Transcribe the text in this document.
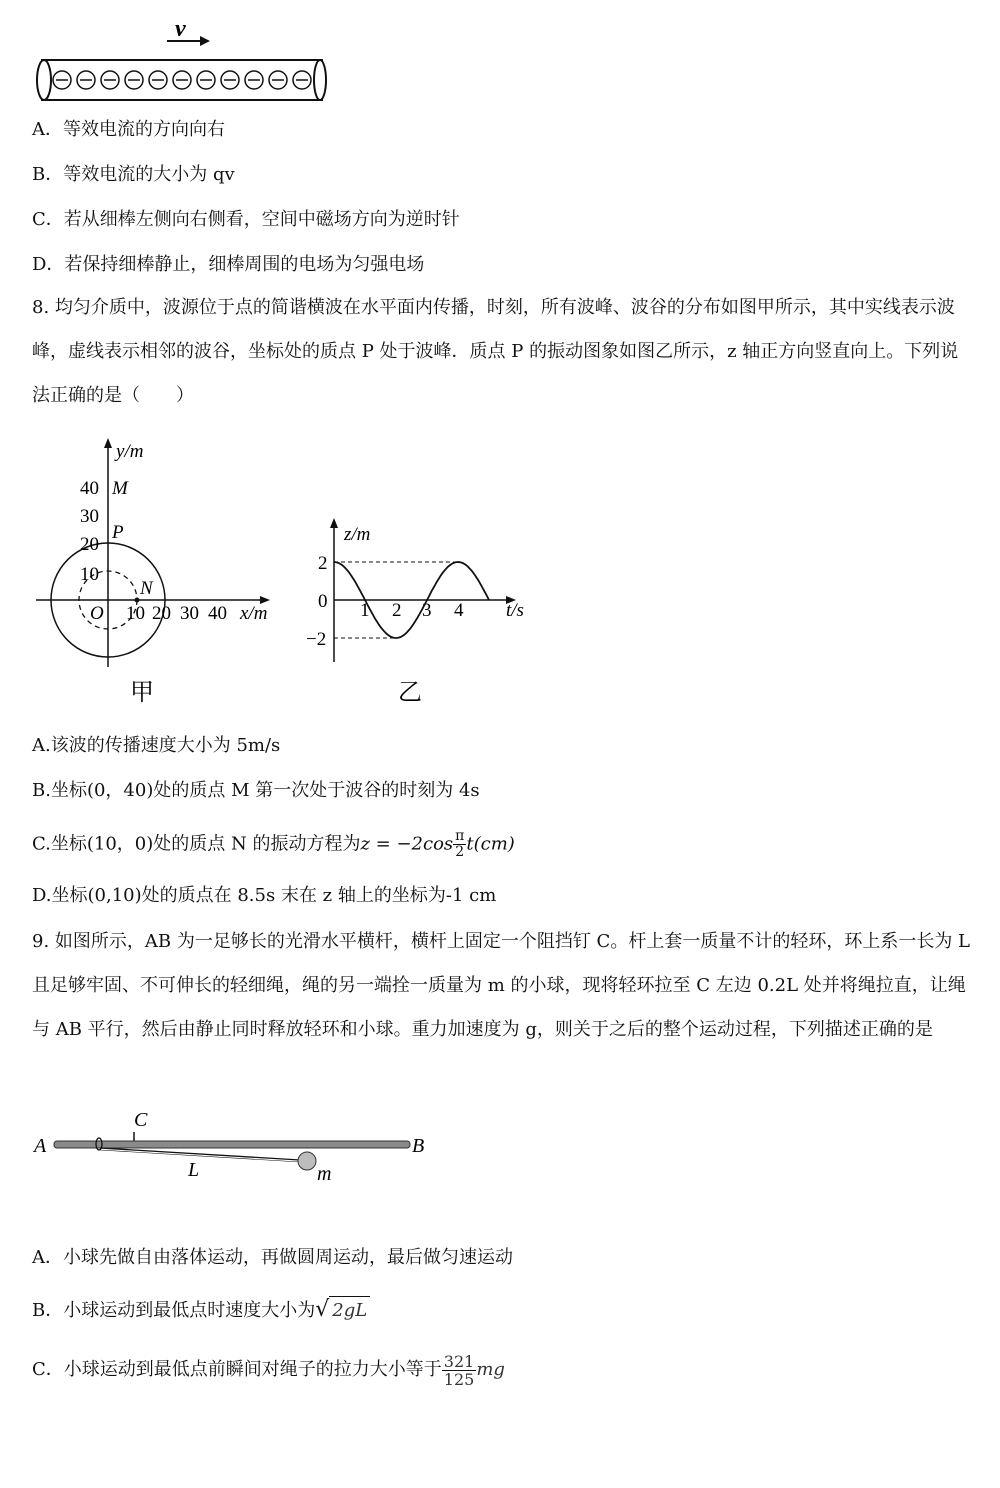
v
A．等效电流的方向向右
B．等效电流的大小为 qv
C．若从细棒左侧向右侧看，空间中磁场方向为逆时针
D．若保持细棒静止，细棒周围的电场为匀强电场
8. 均匀介质中，波源位于点的简谐横波在水平面内传播，时刻，所有波峰、波谷的分布如图甲所示，其中实线表示波峰，虚线表示相邻的波谷，坐标处的质点 P 处于波峰．质点 P 的振动图象如图乙所示，z 轴正方向竖直向上。下列说法正确的是（　　）
y/m
40
30
20
10
M
P
N
O 10 20 30 40 x/m
甲
z/m
2
0
−2
1 2 3 4 t/s
乙
A.该波的传播速度大小为 5m/s
B.坐标(0，40)处的质点 M 第一次处于波谷的时刻为 4s
C.坐标(10，0)处的质点 N 的振动方程为$z = -2\cos \frac{\pi}{2} t(cm)$
D.坐标(0,10)处的质点在 8.5s 末在 z 轴上的坐标为-1 cm
9. 如图所示，AB 为一足够长的光滑水平横杆，横杆上固定一个阻挡钉 C。杆上套一质量不计的轻环，环上系一长为 L 且足够牢固、不可伸长的轻细绳，绳的另一端拴一质量为 m 的小球，现将轻环拉至 C 左边 0.2L 处并将绳拉直，让绳与 AB 平行，然后由静止同时释放轻环和小球。重力加速度为 g，则关于之后的整个运动过程，下列描述正确的是
C
A	B
L	m
A．小球先做自由落体运动，再做圆周运动，最后做匀速运动
B．小球运动到最低点时速度大小为√ 2gL
C．小球运动到最低点前瞬间对绳子的拉力大小等于 $\frac{321}{125}$ mg
